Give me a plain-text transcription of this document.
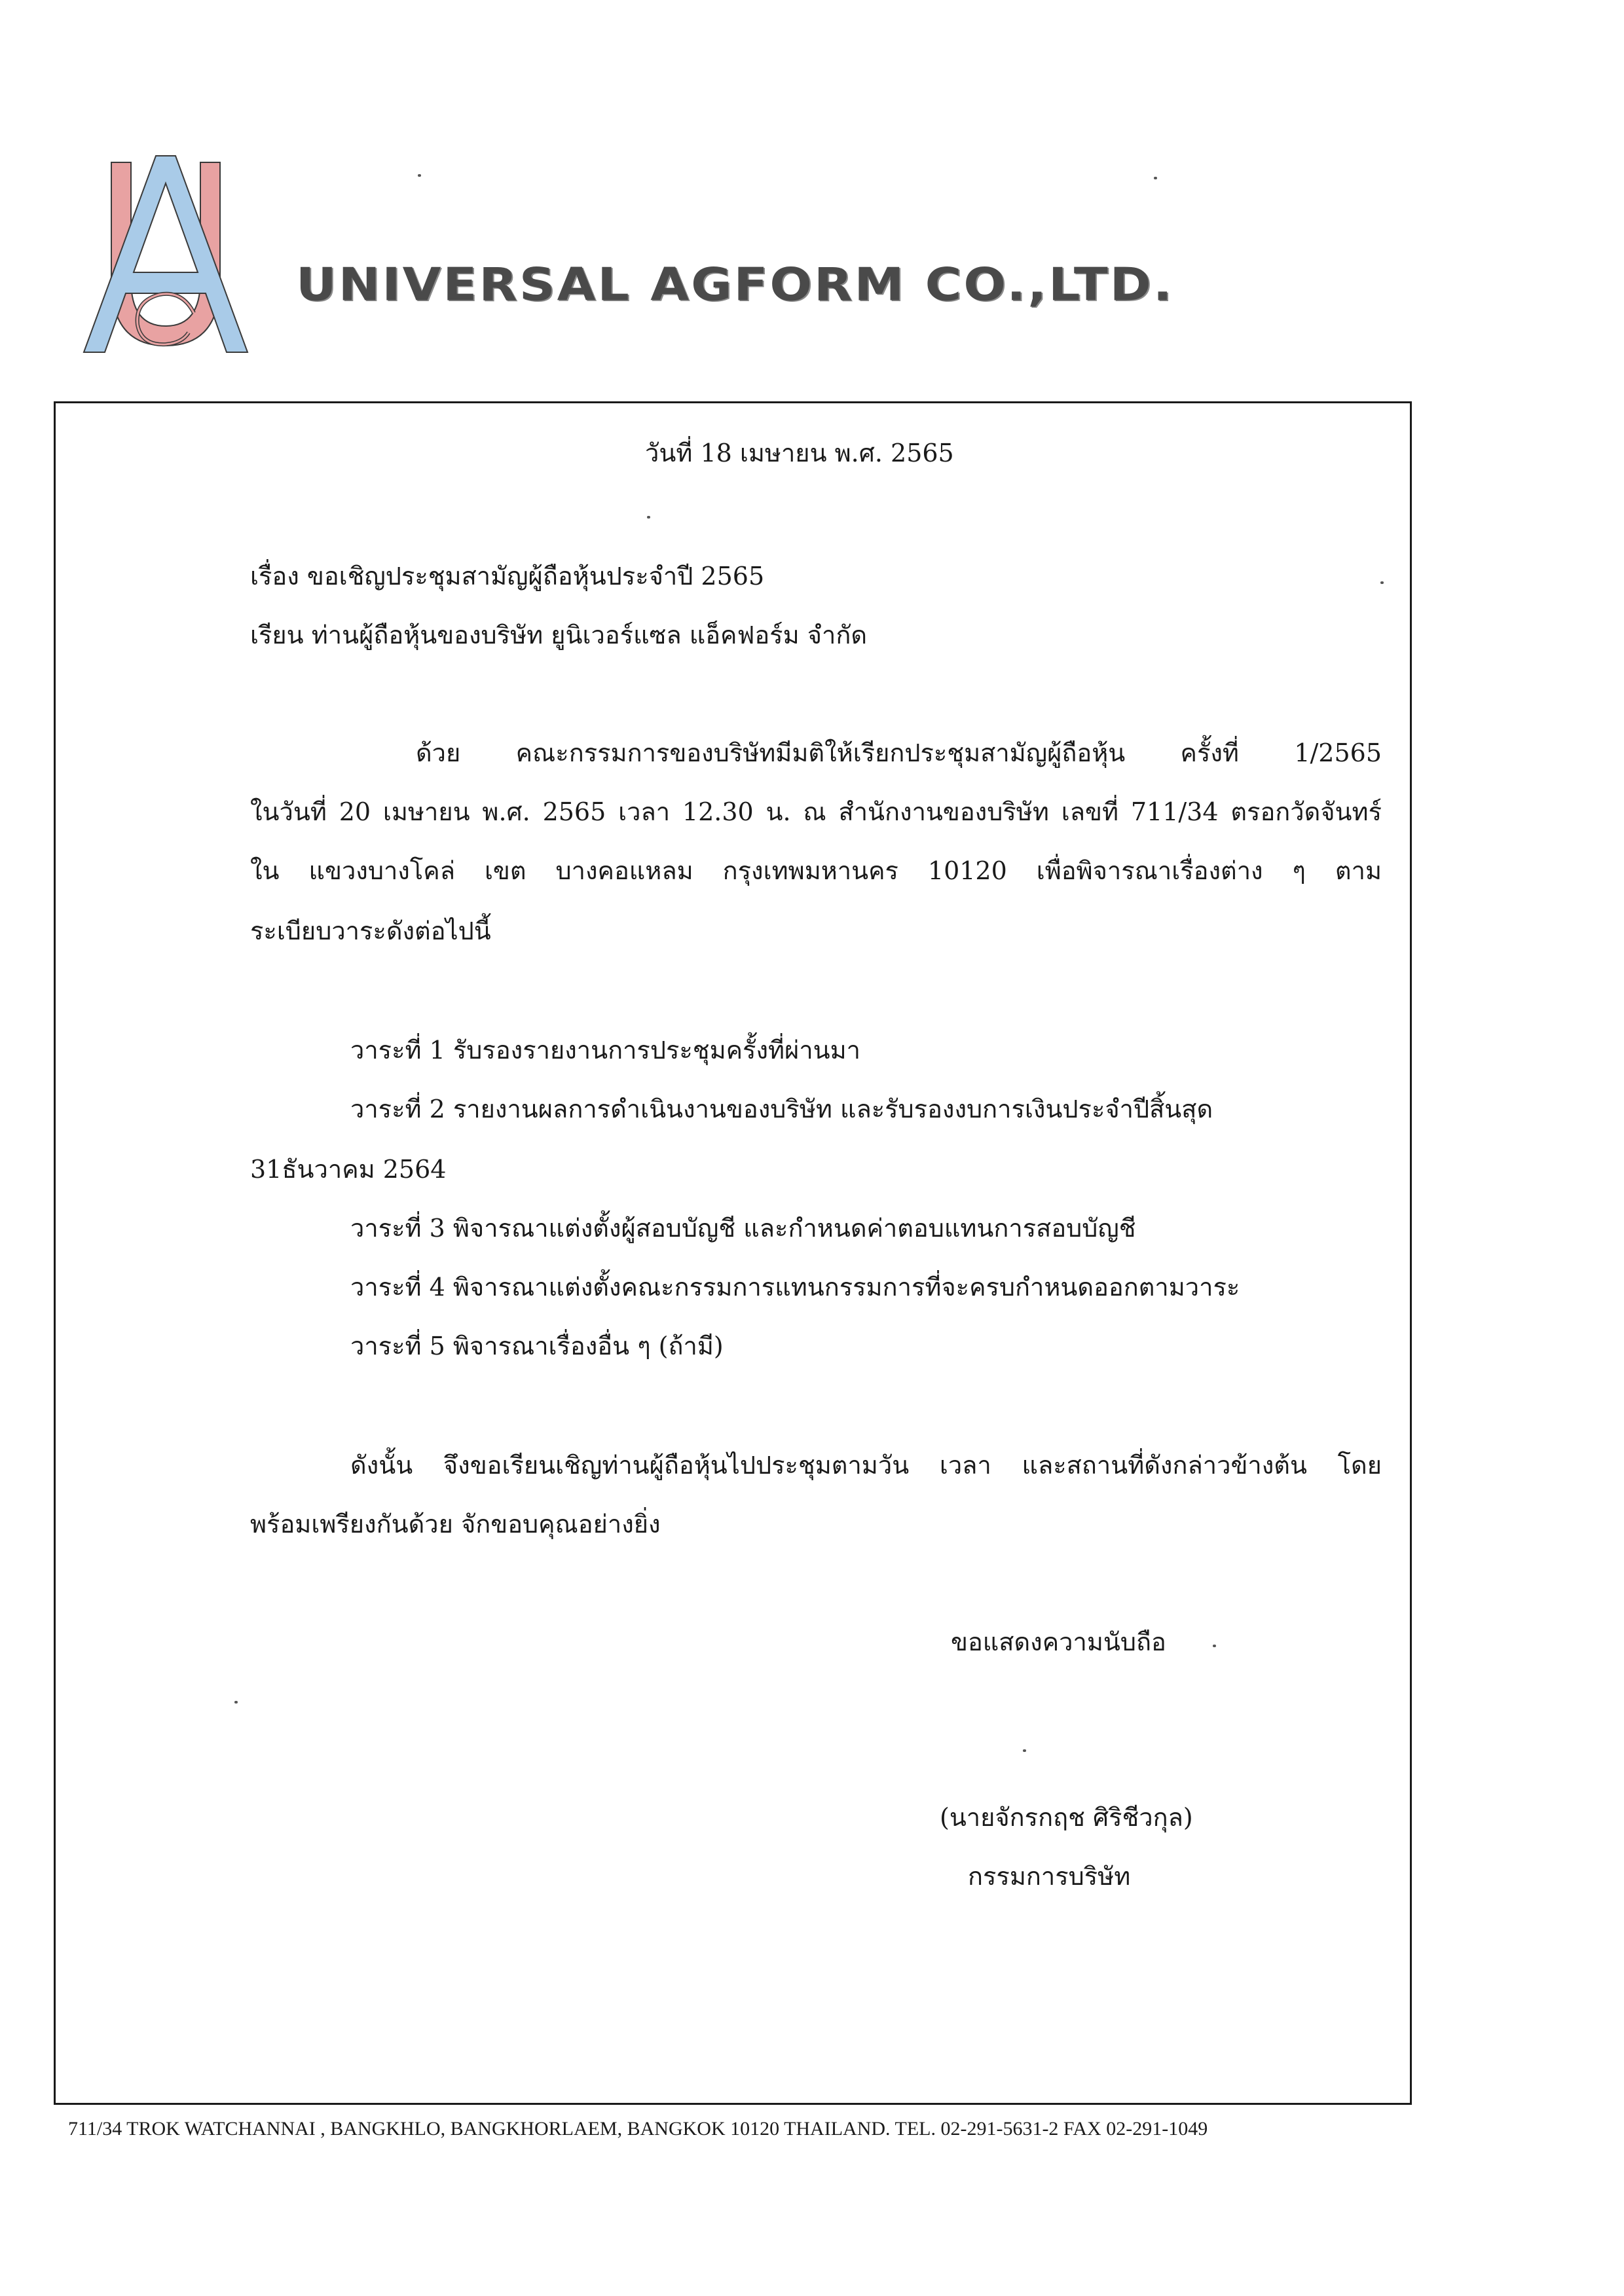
UNIVERSAL AGFORM CO.,LTD.
วันที่ 18 เมษายน พ.ศ. 2565
เรื่อง ขอเชิญประชุมสามัญผู้ถือหุ้นประจำปี 2565
เรียน ท่านผู้ถือหุ้นของบริษัท ยูนิเวอร์แซล แอ็คฟอร์ม จำกัด
ด้วย คณะกรรมการของบริษัทมีมติให้เรียกประชุมสามัญผู้ถือหุ้น ครั้งที่ 1/2565
ในวันที่ 20 เมษายน พ.ศ. 2565 เวลา 12.30 น. ณ สำนักงานของบริษัท เลขที่ 711/34 ตรอกวัดจันทร์
ใน แขวงบางโคล่ เขต บางคอแหลม กรุงเทพมหานคร 10120 เพื่อพิจารณาเรื่องต่าง ๆ ตาม
ระเบียบวาระดังต่อไปนี้
วาระที่ 1 รับรองรายงานการประชุมครั้งที่ผ่านมา
วาระที่ 2 รายงานผลการดำเนินงานของบริษัท และรับรองงบการเงินประจำปีสิ้นสุด
31ธันวาคม 2564
วาระที่ 3 พิจารณาแต่งตั้งผู้สอบบัญชี และกำหนดค่าตอบแทนการสอบบัญชี
วาระที่ 4 พิจารณาแต่งตั้งคณะกรรมการแทนกรรมการที่จะครบกำหนดออกตามวาระ
วาระที่ 5 พิจารณาเรื่องอื่น ๆ (ถ้ามี)
ดังนั้น จึงขอเรียนเชิญท่านผู้ถือหุ้นไปประชุมตามวัน เวลา และสถานที่ดังกล่าวข้างต้น โดย
พร้อมเพรียงกันด้วย จักขอบคุณอย่างยิ่ง
ขอแสดงความนับถือ
(นายจักรกฤช ศิริชีวกุล)
กรรมการบริษัท
711/34 TROK WATCHANNAI , BANGKHLO, BANGKHORLAEM, BANGKOK 10120 THAILAND. TEL. 02-291-5631-2 FAX 02-291-1049
